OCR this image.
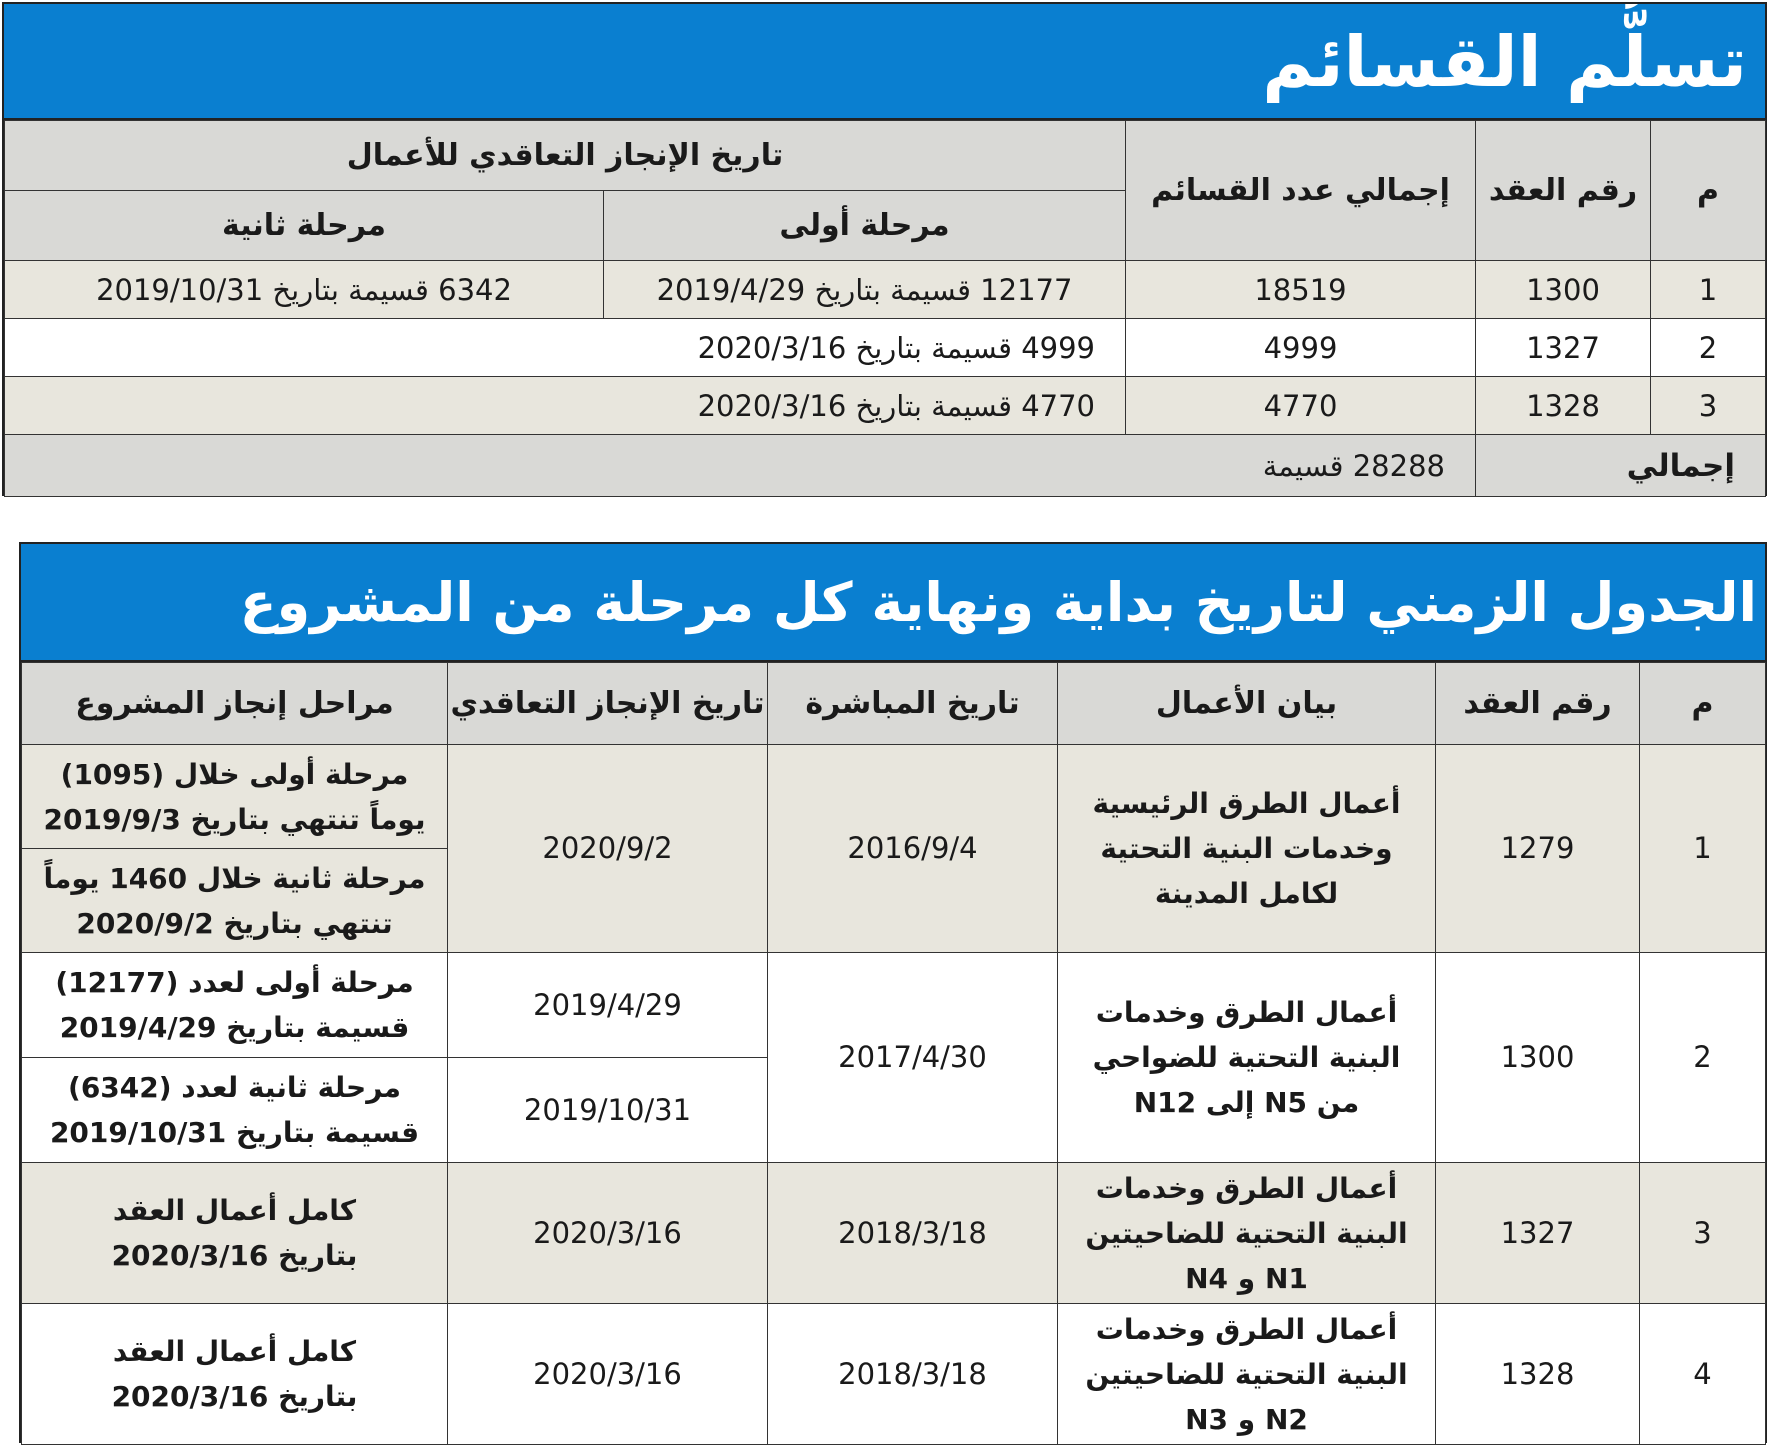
تسلُّم القسائم
م	رقم العقد	إجمالي عدد القسائم	تاريخ الإنجاز التعاقدي للأعمال	
			مرحلة أولى	مرحلة ثانية
1	1300	18519	12177 قسيمة بتاريخ 2019/4/29	6342 قسيمة بتاريخ 2019/10/31
2	1327	4999	4999 قسيمة بتاريخ 2020/3/16	
3	1328	4770	4770 قسيمة بتاريخ 2020/3/16	
إجمالي		28288 قسيمة		
الجدول الزمني لتاريخ بداية ونهاية كل مرحلة من المشروع
م	رقم العقد	بيان الأعمال	تاريخ المباشرة	تاريخ الإنجاز التعاقدي	مراحل إنجاز المشروع
1	1279	أعمال الطرق الرئيسية وخدمات البنية التحتية لكامل المدينة	2016/9/4	2020/9/2	مرحلة أولى خلال (1095) يوماً تنتهي بتاريخ 2019/9/3
					مرحلة ثانية خلال 1460 يوماً تنتهي بتاريخ 2020/9/2
2	1300	أعمال الطرق وخدمات البنية التحتية للضواحي من N5 إلى N12	2017/4/30	2019/4/29	مرحلة أولى لعدد (12177) قسيمة بتاريخ 2019/4/29
				2019/10/31	مرحلة ثانية لعدد (6342) قسيمة بتاريخ 2019/10/31
3	1327	أعمال الطرق وخدمات البنية التحتية للضاحيتين N1 و N4	2018/3/18	2020/3/16	كامل أعمال العقد بتاريخ 2020/3/16
4	1328	أعمال الطرق وخدمات البنية التحتية للضاحيتين N2 و N3	2018/3/18	2020/3/16	كامل أعمال العقد بتاريخ 2020/3/16
